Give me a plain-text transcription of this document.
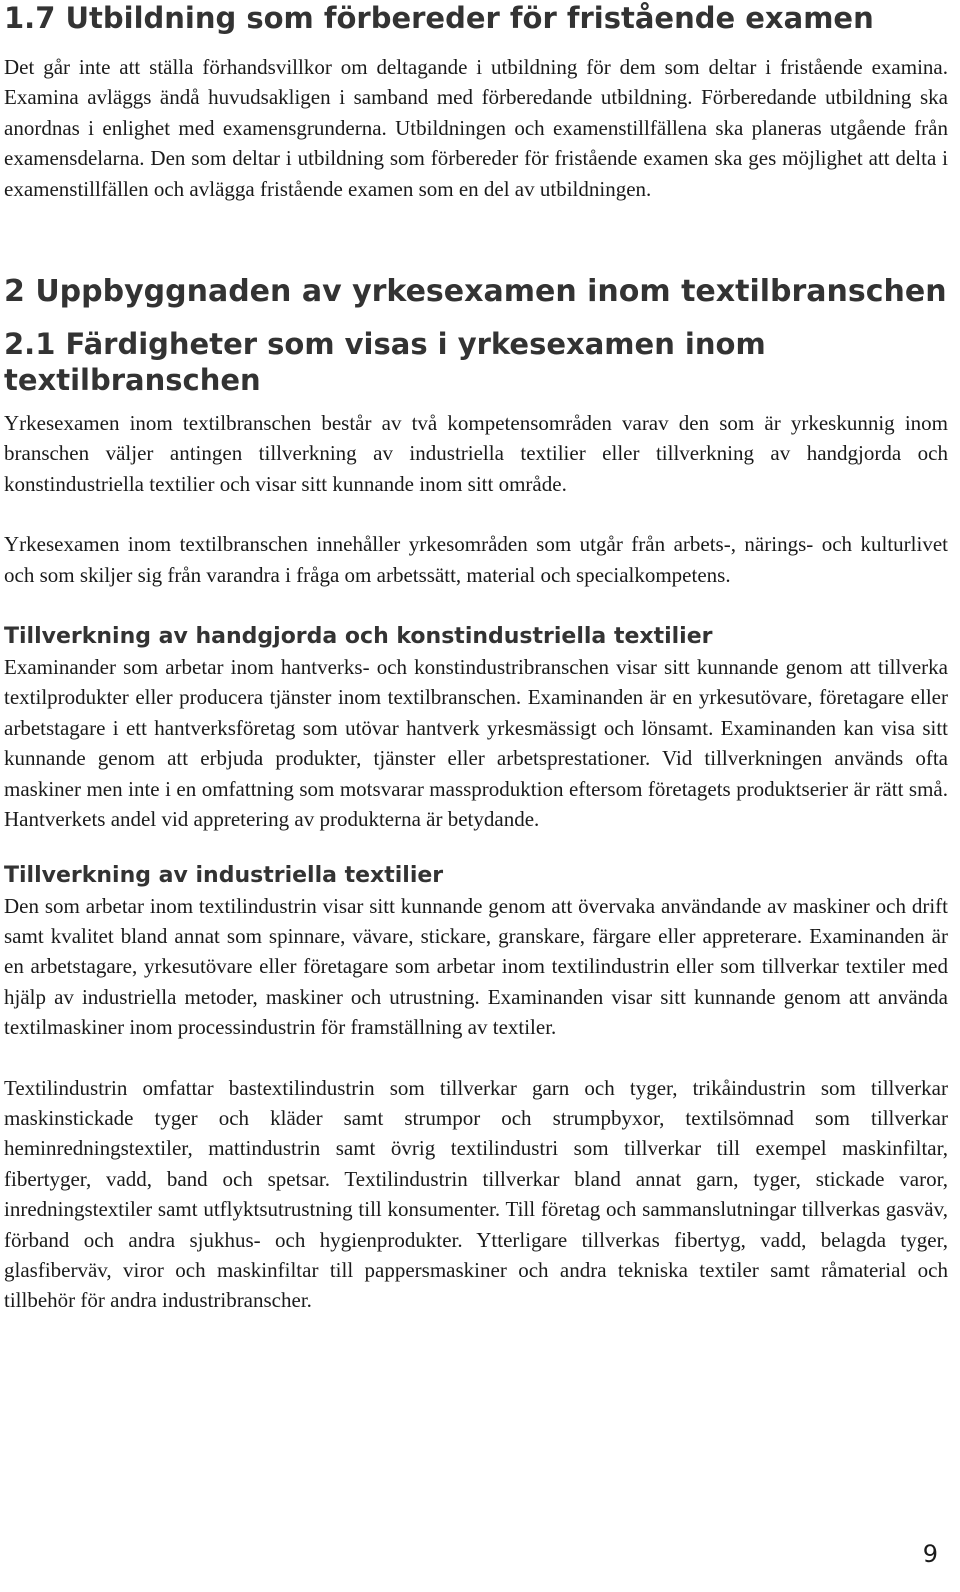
1.7 Utbildning som förbereder för fristående examen

Det går inte att ställa förhandsvillkor om deltagande i utbildning för dem som deltar i fristående examina. Examina avläggs ändå huvudsakligen i samband med förberedande utbildning. Förberedande utbildning ska anordnas i enlighet med examensgrunderna. Utbildningen och examenstillfällena ska planeras utgående från examensdelarna. Den som deltar i utbildning som förbereder för fristående examen ska ges möjlighet att delta i examenstillfällen och avlägga fristående examen som en del av utbildningen.

2 Uppbyggnaden av yrkesexamen inom textilbranschen
2.1 Färdigheter som visas i yrkesexamen inom textilbranschen

Yrkesexamen inom textilbranschen består av två kompetensområden varav den som är yrkeskunnig inom branschen väljer antingen tillverkning av industriella textilier eller tillverkning av handgjorda och konstindustriella textilier och visar sitt kunnande inom sitt område.

Yrkesexamen inom textilbranschen innehåller yrkesområden som utgår från arbets-, närings- och kulturlivet och som skiljer sig från varandra i fråga om arbetssätt, material och specialkompetens.

Tillverkning av handgjorda och konstindustriella textilier

Examinander som arbetar inom hantverks- och konstindustribranschen visar sitt kunnande genom att tillverka textilprodukter eller producera tjänster inom textilbranschen. Examinanden är en yrkesutövare, företagare eller arbetstagare i ett hantverksföretag som utövar hantverk yrkesmässigt och lönsamt. Examinanden kan visa sitt kunnande genom att erbjuda produkter, tjänster eller arbetsprestationer. Vid tillverkningen används ofta maskiner men inte i en omfattning som motsvarar massproduktion eftersom företagets produktserier är rätt små. Hantverkets andel vid appretering av produkterna är betydande.

Tillverkning av industriella textilier

Den som arbetar inom textilindustrin visar sitt kunnande genom att övervaka användande av maskiner och drift samt kvalitet bland annat som spinnare, vävare, stickare, granskare, färgare eller appreterare. Examinanden är en arbetstagare, yrkesutövare eller företagare som arbetar inom textilindustrin eller som tillverkar textiler med hjälp av industriella metoder, maskiner och utrustning. Examinanden visar sitt kunnande genom att använda textilmaskiner inom processindustrin för framställning av textiler.

Textilindustrin omfattar bastextilindustrin som tillverkar garn och tyger, trikåindustrin som tillverkar maskinstickade tyger och kläder samt strumpor och strumpbyxor, textilsömnad som tillverkar heminredningstextiler, mattindustrin samt övrig textilindustri som tillverkar till exempel maskinfiltar, fibertyger, vadd, band och spetsar. Textilindustrin tillverkar bland annat garn, tyger, stickade varor, inredningstextiler samt utflyktsutrustning till konsumenter. Till företag och sammanslutningar tillverkas gasväv, förband och andra sjukhus- och hygienprodukter. Ytterligare tillverkas fibertyg, vadd, belagda tyger, glasfiberväv, viror och maskinfiltar till pappersmaskiner och andra tekniska textiler samt råmaterial och tillbehör för andra industribranscher.

9
